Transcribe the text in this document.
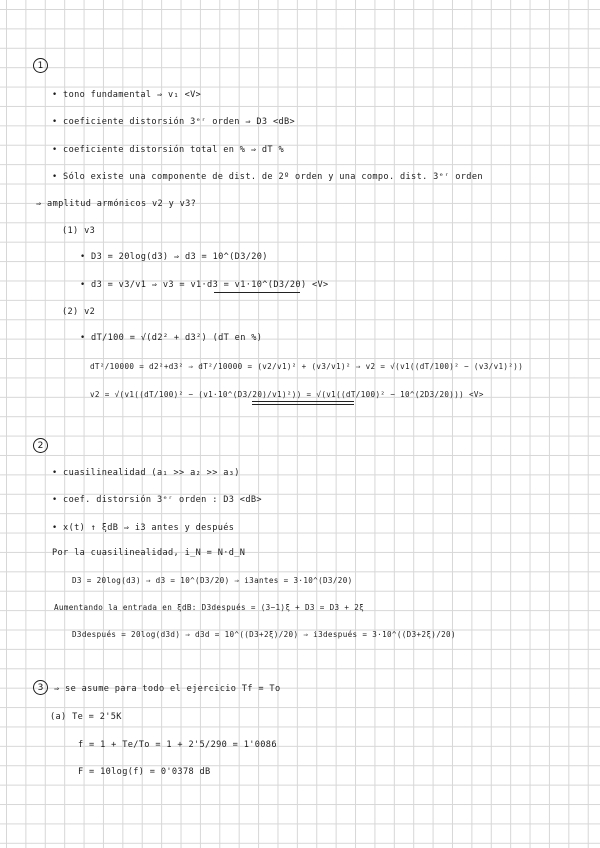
1
• tono fundamental ⇒ v₁ <V>
• coeficiente distorsión 3ᵉʳ orden ⇒ D3 <dB>
• coeficiente distorsión total en % ⇒ dT %
• Sólo existe una componente de dist. de 2º orden y una compo. dist. 3ᵉʳ orden
⇒ amplitud armónicos v2 y v3?
(1) v3
• D3 = 20log(d3) ⇒ d3 = 10^(D3/20)
• d3 = v3/v1 ⇒ v3 = v1·d3 = v1·10^(D3/20) <V>
(2) v2
• dT/100 = √(d2² + d3²) (dT en %)
dT²/10000 = d2²+d3² ⇒ dT²/10000 = (v2/v1)² + (v3/v1)² ⇒ v2 = √(v1((dT/100)² − (v3/v1)²))
v2 = √(v1((dT/100)² − (v1·10^(D3/20)/v1)²)) = √(v1((dT/100)² − 10^(2D3/20))) <V>
2
• cuasilinealidad (a₁ >> a₂ >> a₃)
• coef. distorsión 3ᵉʳ orden : D3 <dB>
• x(t) ↑ ξdB ⇒ i3 antes y después
Por la cuasilinealidad, i_N = N·d_N
D3 = 20log(d3) ⇒ d3 = 10^(D3/20) ⇒ i3antes = 3·10^(D3/20)
Aumentando la entrada en ξdB: D3después = (3−1)ξ + D3 = D3 + 2ξ
D3después = 20log(d3d) ⇒ d3d = 10^((D3+2ξ)/20) ⇒ i3después = 3·10^((D3+2ξ)/20)
3	⇒ se asume para todo el ejercicio Tf = To
(a) Te = 2'5K
f = 1 + Te/To = 1 + 2'5/290 = 1'0086
F = 10log(f) = 0'0378 dB
